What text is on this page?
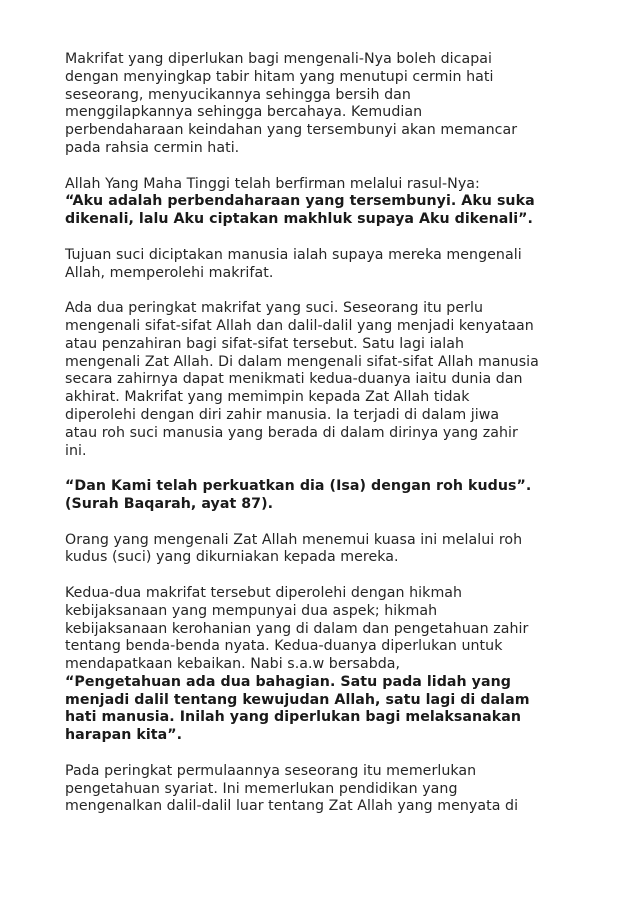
Makrifat yang diperlukan bagi mengenali-Nya boleh dicapai
dengan menyingkap tabir hitam yang menutupi cermin hati
seseorang, menyucikannya sehingga bersih dan
menggilapkannya sehingga bercahaya. Kemudian
perbendaharaan keindahan yang tersembunyi akan memancar
pada rahsia cermin hati.

Allah Yang Maha Tinggi telah berfirman melalui rasul-Nya:
“Aku adalah perbendaharaan yang tersembunyi. Aku suka
dikenali, lalu Aku ciptakan makhluk supaya Aku dikenali”.

Tujuan suci diciptakan manusia ialah supaya mereka mengenali
Allah, memperolehi makrifat.

Ada dua peringkat makrifat yang suci. Seseorang itu perlu
mengenali sifat-sifat Allah dan dalil-dalil yang menjadi kenyataan
atau penzahiran bagi sifat-sifat tersebut. Satu lagi ialah
mengenali Zat Allah. Di dalam mengenali sifat-sifat Allah manusia
secara zahirnya dapat menikmati kedua-duanya iaitu dunia dan
akhirat. Makrifat yang memimpin kepada Zat Allah tidak
diperolehi dengan diri zahir manusia. Ia terjadi di dalam jiwa
atau roh suci manusia yang berada di dalam dirinya yang zahir
ini.

“Dan Kami telah perkuatkan dia (Isa) dengan roh kudus”.
(Surah Baqarah, ayat 87).

Orang yang mengenali Zat Allah menemui kuasa ini melalui roh
kudus (suci) yang dikurniakan kepada mereka.

Kedua-dua makrifat tersebut diperolehi dengan hikmah
kebijaksanaan yang mempunyai dua aspek; hikmah
kebijaksanaan kerohanian yang di dalam dan pengetahuan zahir
tentang benda-benda nyata. Kedua-duanya diperlukan untuk
mendapatkaan kebaikan. Nabi s.a.w bersabda,
“Pengetahuan ada dua bahagian. Satu pada lidah yang
menjadi dalil tentang kewujudan Allah, satu lagi di dalam
hati manusia. Inilah yang diperlukan bagi melaksanakan
harapan kita”.

Pada peringkat permulaannya seseorang itu memerlukan
pengetahuan syariat. Ini memerlukan pendidikan yang
mengenalkan dalil-dalil luar tentang Zat Allah yang menyata di
